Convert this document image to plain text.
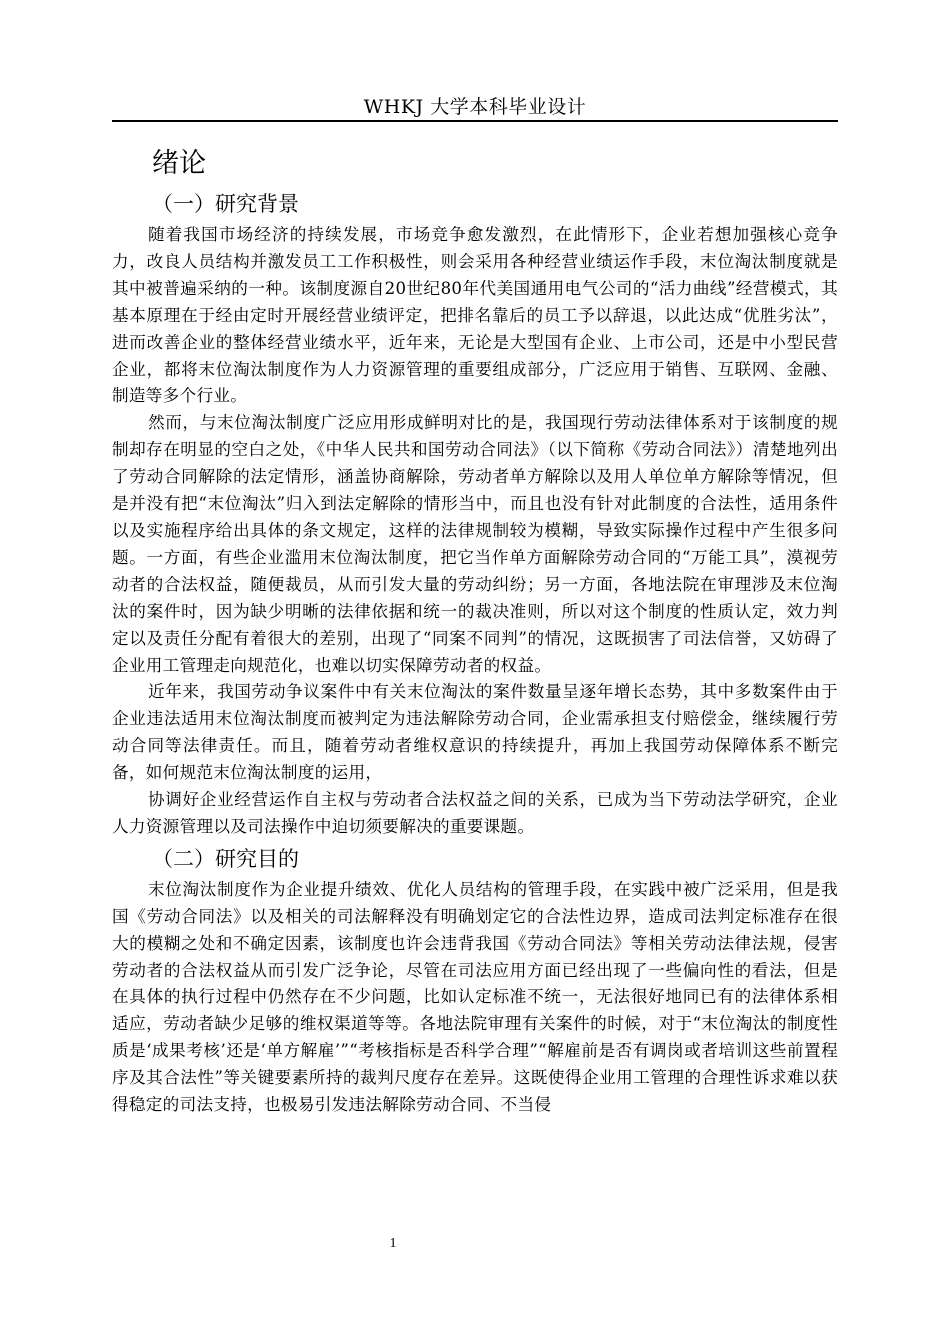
WHKJ 大学本科毕业设计
绪论
（一）研究背景

随着我国市场经济的持续发展，市场竞争愈发激烈，在此情形下，企业若想加强核心竞争力，改良人员结构并激发员工工作积极性，则会采用各种经营业绩运作手段，末位淘汰制度就是其中被普遍采纳的一种。该制度源自20世纪80年代美国通用电气公司的“活力曲线”经营模式，其基本原理在于经由定时开展经营业绩评定，把排名靠后的员工予以辞退，以此达成“优胜劣汰”，进而改善企业的整体经营业绩水平，近年来，无论是大型国有企业、上市公司，还是中小型民营企业，都将末位淘汰制度作为人力资源管理的重要组成部分，广泛应用于销售、互联网、金融、制造等多个行业。

然而，与末位淘汰制度广泛应用形成鲜明对比的是，我国现行劳动法律体系对于该制度的规制却存在明显的空白之处，《中华人民共和国劳动合同法》（以下简称《劳动合同法》）清楚地列出了劳动合同解除的法定情形，涵盖协商解除，劳动者单方解除以及用人单位单方解除等情况，但是并没有把“末位淘汰”归入到法定解除的情形当中，而且也没有针对此制度的合法性，适用条件以及实施程序给出具体的条文规定，这样的法律规制较为模糊，导致实际操作过程中产生很多问题。一方面，有些企业滥用末位淘汰制度，把它当作单方面解除劳动合同的“万能工具”，漠视劳动者的合法权益，随便裁员，从而引发大量的劳动纠纷；另一方面，各地法院在审理涉及末位淘汰的案件时，因为缺少明晰的法律依据和统一的裁决准则，所以对这个制度的性质认定，效力判定以及责任分配有着很大的差别，出现了“同案不同判”的情况，这既损害了司法信誉，又妨碍了企业用工管理走向规范化，也难以切实保障劳动者的权益。

近年来，我国劳动争议案件中有关末位淘汰的案件数量呈逐年增长态势，其中多数案件由于企业违法适用末位淘汰制度而被判定为违法解除劳动合同，企业需承担支付赔偿金，继续履行劳动合同等法律责任。而且，随着劳动者维权意识的持续提升，再加上我国劳动保障体系不断完备，如何规范末位淘汰制度的运用，

协调好企业经营运作自主权与劳动者合法权益之间的关系，已成为当下劳动法学研究，企业人力资源管理以及司法操作中迫切须要解决的重要课题。

（二）研究目的

末位淘汰制度作为企业提升绩效、优化人员结构的管理手段，在实践中被广泛采用，但是我国《劳动合同法》以及相关的司法解释没有明确划定它的合法性边界，造成司法判定标准存在很大的模糊之处和不确定因素，该制度也许会违背我国《劳动合同法》等相关劳动法律法规，侵害劳动者的合法权益从而引发广泛争论，尽管在司法应用方面已经出现了一些偏向性的看法，但是在具体的执行过程中仍然存在不少问题，比如认定标准不统一，无法很好地同已有的法律体系相适应，劳动者缺少足够的维权渠道等等。各地法院审理有关案件的时候，对于“末位淘汰的制度性质是‘成果考核’还是‘单方解雇’”“考核指标是否科学合理”“解雇前是否有调岗或者培训这些前置程序及其合法性”等关键要素所持的裁判尺度存在差异。这既使得企业用工管理的合理性诉求难以获得稳定的司法支持，也极易引发违法解除劳动合同、不当侵

1
